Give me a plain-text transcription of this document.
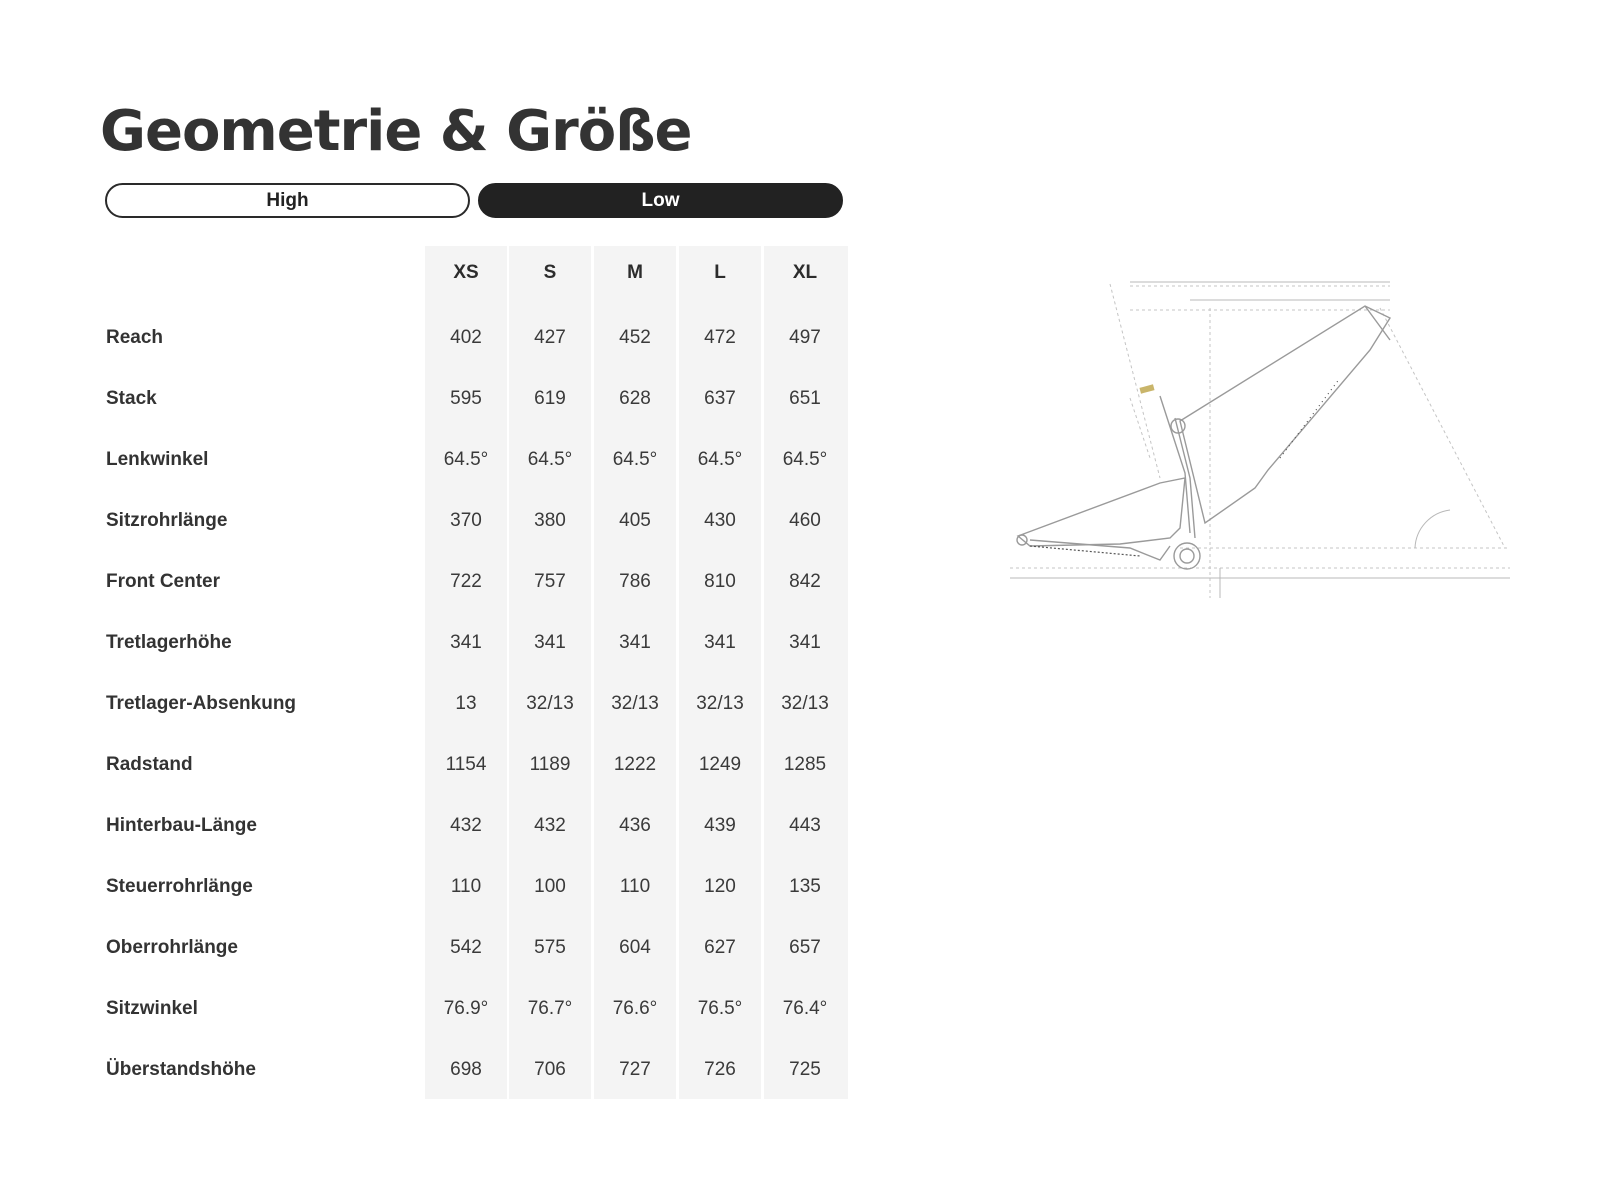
Geometrie & Größe
High	Low
XS	S	M	L	XL
Reach	402	427	452	472	497
Stack	595	619	628	637	651
Lenkwinkel	64.5°	64.5°	64.5°	64.5°	64.5°
Sitzrohrlänge	370	380	405	430	460
Front Center	722	757	786	810	842
Tretlagerhöhe	341	341	341	341	341
Tretlager-Absenkung	13	32/13	32/13	32/13	32/13
Radstand	1154	1189	1222	1249	1285
Hinterbau-Länge	432	432	436	439	443
Steuerrohrlänge	110	100	110	120	135
Oberrohrlänge	542	575	604	627	657
Sitzwinkel	76.9°	76.7°	76.6°	76.5°	76.4°
Überstandshöhe	698	706	727	726	725
